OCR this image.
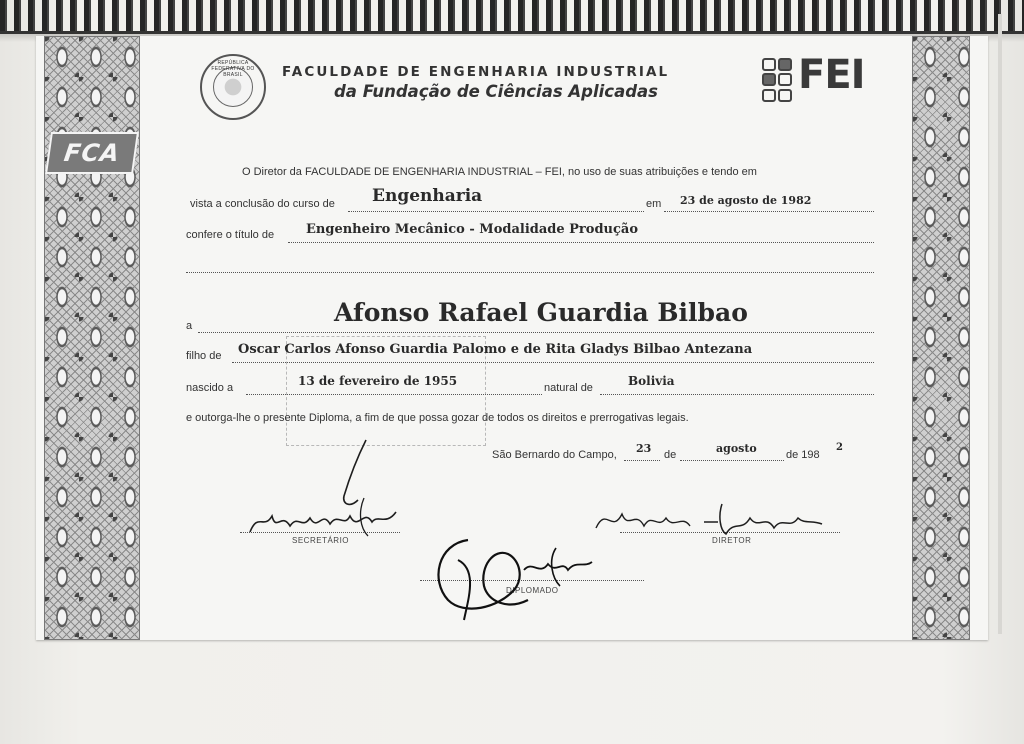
FCA
REPÚBLICA FEDERATIVA DO BRASIL	FACULDADE DE ENGENHARIA INDUSTRIAL
da Fundação de Ciências Aplicadas	FEI
O Diretor da FACULDADE DE ENGENHARIA INDUSTRIAL – FEI, no uso de suas atribuições e tendo em
vista a conclusão do curso de Engenharia	em 23 de agosto de 1982
confere o título de Engenheiro Mecânico - Modalidade Produção
a	Afonso Rafael Guardia Bilbao
filho de Oscar Carlos Afonso Guardia Palomo e de Rita Gladys Bilbao Antezana
nascido a	13 de fevereiro de 1955	natural de	Bolivia
e outorga-lhe o presente Diploma, a fim de que possa gozar de todos os direitos e prerrogativas legais.
São Bernardo do Campo, 23 de	agosto	de 198
2
SECRETÁRIO	DIRETOR
DIPLOMADO
